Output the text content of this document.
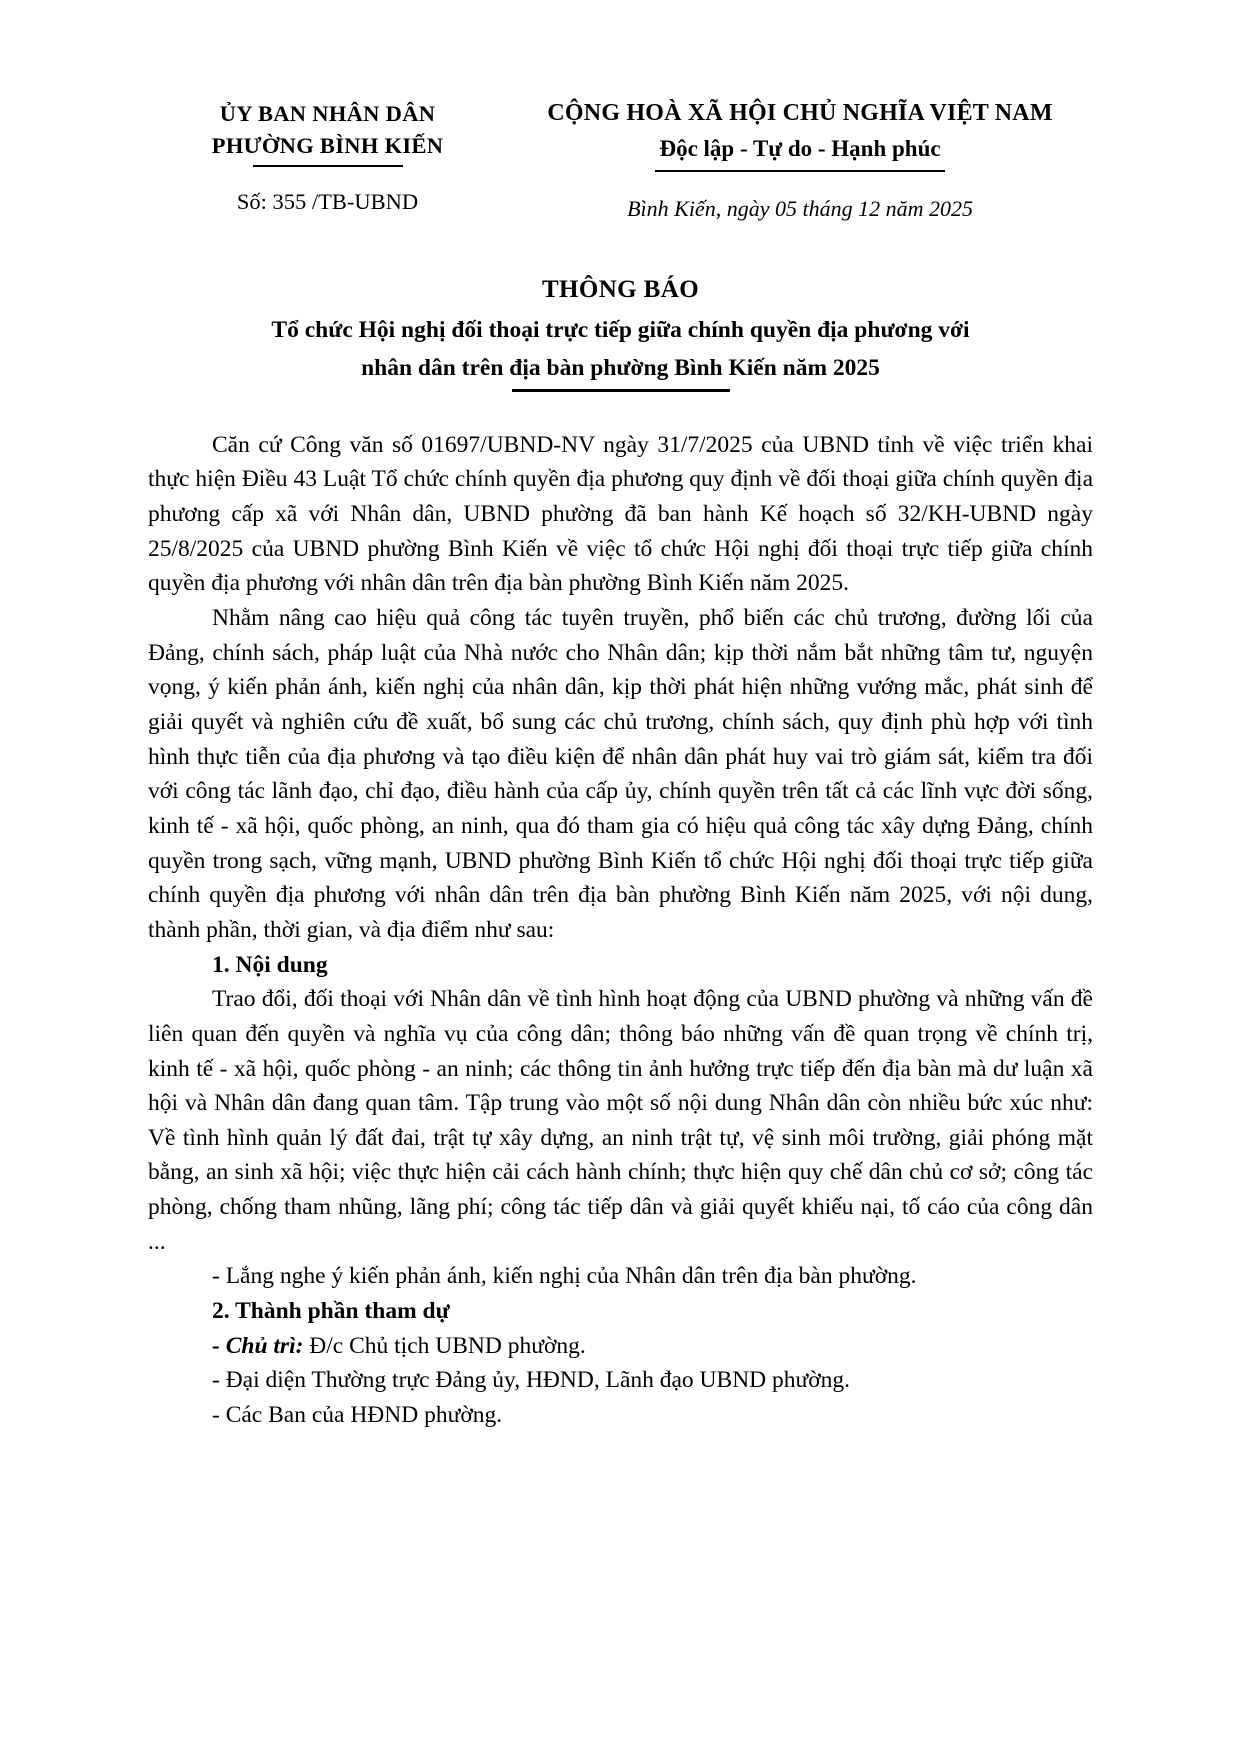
ỦY BAN NHÂN DÂN
PHƯỜNG BÌNH KIẾN
Số: 355 /TB-UBND
CỘNG HOÀ XÃ HỘI CHỦ NGHĨA VIỆT NAM
Độc lập - Tự do - Hạnh phúc
Bình Kiến, ngày 05 tháng 12 năm 2025
THÔNG BÁO
Tổ chức Hội nghị đối thoại trực tiếp giữa chính quyền địa phương với
nhân dân trên địa bàn phường Bình Kiến năm 2025

Căn cứ Công văn số 01697/UBND-NV ngày 31/7/2025 của UBND tỉnh về việc triển khai thực hiện Điều 43 Luật Tổ chức chính quyền địa phương quy định về đối thoại giữa chính quyền địa phương cấp xã với Nhân dân, UBND phường đã ban hành Kế hoạch số 32/KH-UBND ngày 25/8/2025 của UBND phường Bình Kiến về việc tổ chức Hội nghị đối thoại trực tiếp giữa chính quyền địa phương với nhân dân trên địa bàn phường Bình Kiến năm 2025.

Nhằm nâng cao hiệu quả công tác tuyên truyền, phổ biến các chủ trương, đường lối của Đảng, chính sách, pháp luật của Nhà nước cho Nhân dân; kịp thời nắm bắt những tâm tư, nguyện vọng, ý kiến phản ánh, kiến nghị của nhân dân, kịp thời phát hiện những vướng mắc, phát sinh để giải quyết và nghiên cứu đề xuất, bổ sung các chủ trương, chính sách, quy định phù hợp với tình hình thực tiễn của địa phương và tạo điều kiện để nhân dân phát huy vai trò giám sát, kiểm tra đối với công tác lãnh đạo, chỉ đạo, điều hành của cấp ủy, chính quyền trên tất cả các lĩnh vực đời sống, kinh tế - xã hội, quốc phòng, an ninh, qua đó tham gia có hiệu quả công tác xây dựng Đảng, chính quyền trong sạch, vững mạnh, UBND phường Bình Kiến tổ chức Hội nghị đối thoại trực tiếp giữa chính quyền địa phương với nhân dân trên địa bàn phường Bình Kiến năm 2025, với nội dung, thành phần, thời gian, và địa điểm như sau:

1. Nội dung

Trao đổi, đối thoại với Nhân dân về tình hình hoạt động của UBND phường và những vấn đề liên quan đến quyền và nghĩa vụ của công dân; thông báo những vấn đề quan trọng về chính trị, kinh tế - xã hội, quốc phòng - an ninh; các thông tin ảnh hưởng trực tiếp đến địa bàn mà dư luận xã hội và Nhân dân đang quan tâm. Tập trung vào một số nội dung Nhân dân còn nhiều bức xúc như: Về tình hình quản lý đất đai, trật tự xây dựng, an ninh trật tự, vệ sinh môi trường, giải phóng mặt bằng, an sinh xã hội; việc thực hiện cải cách hành chính; thực hiện quy chế dân chủ cơ sở; công tác phòng, chống tham nhũng, lãng phí; công tác tiếp dân và giải quyết khiếu nại, tố cáo của công dân ...

- Lắng nghe ý kiến phản ánh, kiến nghị của Nhân dân trên địa bàn phường.

2. Thành phần tham dự

- Chủ trì: Đ/c Chủ tịch UBND phường.

- Đại diện Thường trực Đảng ủy, HĐND, Lãnh đạo UBND phường.

- Các Ban của HĐND phường.
